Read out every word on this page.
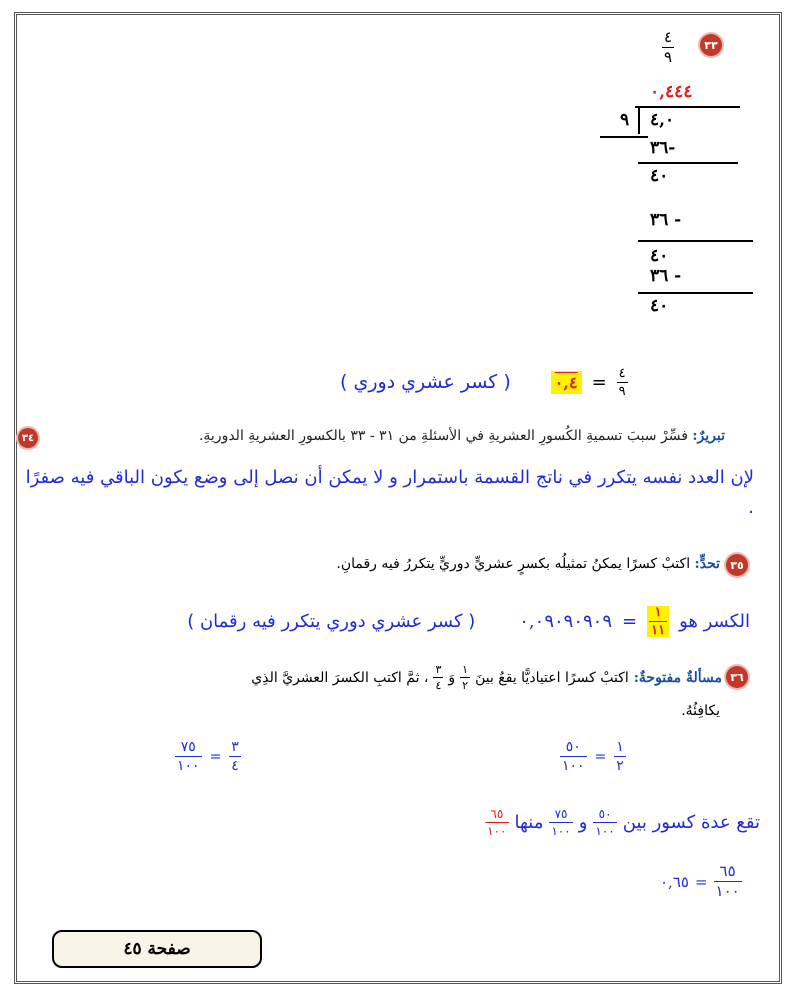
٣٣
$\frac{٤}{٩}$
٠,٤٤٤
٩ ٤,٠
٣٦-
٤٠
٣٦ -
٤٠
٣٦ -
٤٠
( كسر عشري دوري )	٠,٤ = $\frac{٤}{٩}$
٣٤	تبريرٌ: فسِّرْ سببَ تسميةِ الكُسورِ العشريةِ في الأسئلةِ من ٣١ - ٣٣ بالكسورِ العشريةِ الدوريةِ.
لإن العدد نفسه يتكرر في ناتج القسمة باستمرار و لا يمكن أن نصل إلى وضع يكون الباقي فيه صفرًا .
٣٥
تحدٍّ: اكتبْ كسرًا يمكنُ تمثيلُه بكسرٍ عشريٍّ دوريٍّ يتكررُ فيه رقمانِ.
الكسر هو
$\frac{١}{١١}$
=
٠,٠٩٠٩٠٩٠٩
( كسر عشري دوري يتكرر فيه رقمان )
٣٦
مسألةٌ مفتوحةٌ:
اكتبْ كسرًا اعتياديًّا يقعُ بينَ
$\frac{١}{٢}$
وَ
$\frac{٣}{٤}$
، ثمَّ اكتبِ الكسرَ العشريَّ الذِي
يكافِئُهُ.
$\frac{٥٠}{١٠٠} = \frac{١}{٢}$
$\frac{٧٥}{١٠٠} = \frac{٣}{٤}$
تقع عدة كسور بين
$\frac{٥٠}{١٠٠}$
و
$\frac{٧٥}{١٠٠}$
منها
$\frac{٦٥}{١٠٠}$
٠,٦٥ = $\frac{٦٥}{١٠٠}$
صفحة ٤٥
